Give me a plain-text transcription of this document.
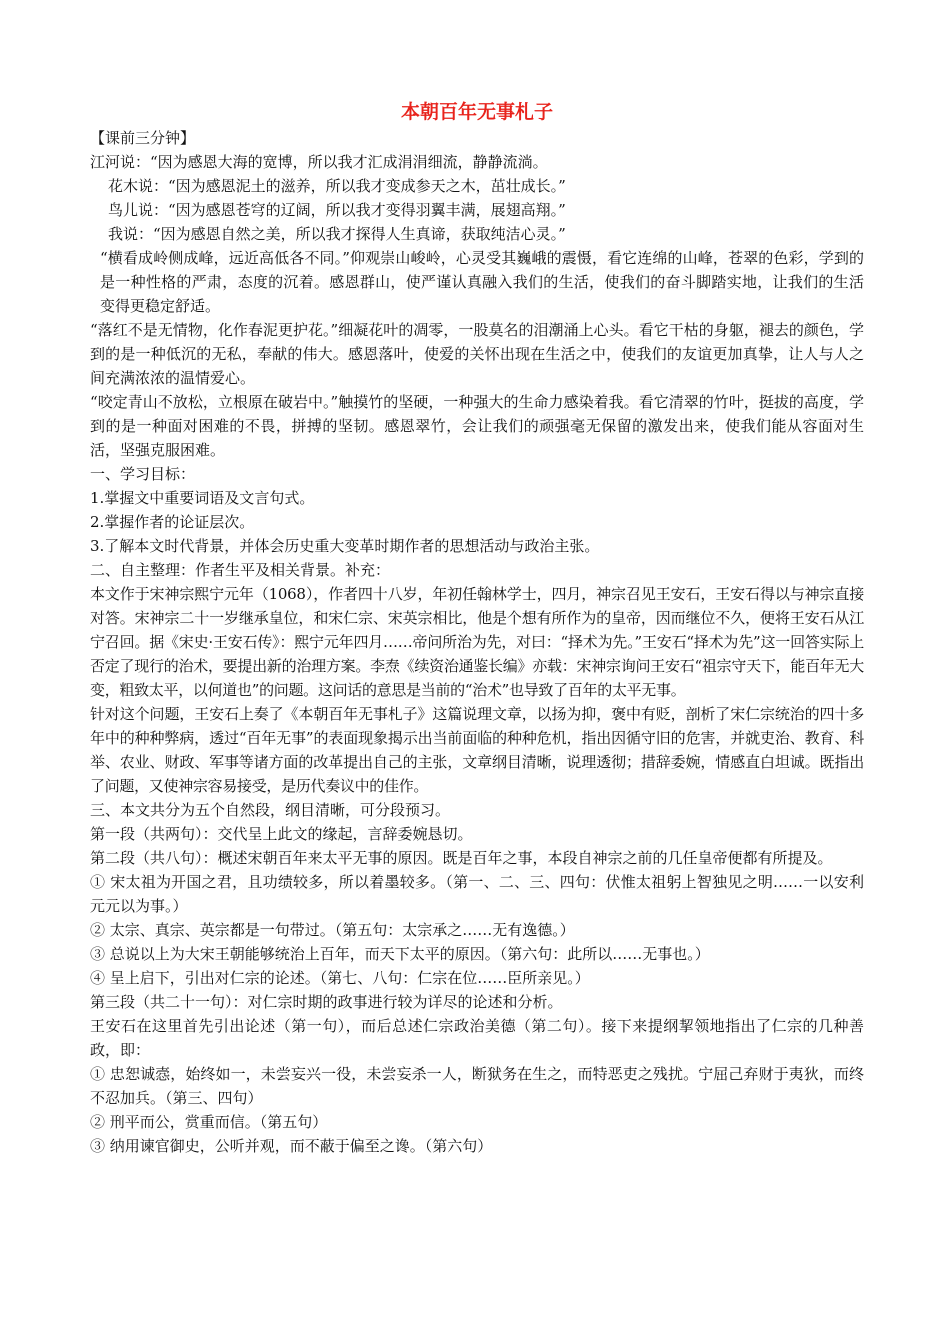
本朝百年无事札子

【课前三分钟】

江河说：“因为感恩大海的宽博，所以我才汇成涓涓细流，静静流淌。

花木说：“因为感恩泥土的滋养，所以我才变成参天之木，茁壮成长。”

鸟儿说：“因为感恩苍穹的辽阔，所以我才变得羽翼丰满，展翅高翔。”

我说：“因为感恩自然之美，所以我才探得人生真谛，获取纯洁心灵。”

“横看成岭侧成峰，远近高低各不同。”仰观崇山峻岭，心灵受其巍峨的震慑，看它连绵的山峰，苍翠的色彩，学到的是一种性格的严肃，态度的沉着。感恩群山，使严谨认真融入我们的生活，使我们的奋斗脚踏实地，让我们的生活变得更稳定舒适。

“落红不是无情物，化作春泥更护花。”细凝花叶的凋零，一股莫名的泪潮涌上心头。看它干枯的身躯，褪去的颜色，学到的是一种低沉的无私，奉献的伟大。感恩落叶，使爱的关怀出现在生活之中，使我们的友谊更加真挚，让人与人之间充满浓浓的温情爱心。

“咬定青山不放松，立根原在破岩中。”触摸竹的坚硬，一种强大的生命力感染着我。看它清翠的竹叶，挺拔的高度，学到的是一种面对困难的不畏，拼搏的坚韧。感恩翠竹，会让我们的顽强毫无保留的激发出来，使我们能从容面对生活，坚强克服困难。

一、学习目标：

1.掌握文中重要词语及文言句式。

2.掌握作者的论证层次。

3.了解本文时代背景，并体会历史重大变革时期作者的思想活动与政治主张。

二、自主整理：作者生平及相关背景。补充：

本文作于宋神宗熙宁元年（1068），作者四十八岁，年初任翰林学士，四月，神宗召见王安石，王安石得以与神宗直接对答。宋神宗二十一岁继承皇位，和宋仁宗、宋英宗相比，他是个想有所作为的皇帝，因而继位不久，便将王安石从江宁召回。据《宋史·王安石传》：熙宁元年四月……帝问所治为先，对曰：“择术为先。”王安石“择术为先”这一回答实际上否定了现行的治术，要提出新的治理方案。李焘《续资治通鉴长编》亦载：宋神宗询问王安石“祖宗守天下，能百年无大变，粗致太平，以何道也”的问题。这问话的意思是当前的“治术”也导致了百年的太平无事。

针对这个问题，王安石上奏了《本朝百年无事札子》这篇说理文章，以扬为抑，褒中有贬，剖析了宋仁宗统治的四十多年中的种种弊病，透过“百年无事”的表面现象揭示出当前面临的种种危机，指出因循守旧的危害，并就吏治、教育、科举、农业、财政、军事等诸方面的改革提出自己的主张，文章纲目清晰，说理透彻；措辞委婉，情感直白坦诚。既指出了问题，又使神宗容易接受，是历代奏议中的佳作。

三、本文共分为五个自然段，纲目清晰，可分段预习。

第一段（共两句）：交代呈上此文的缘起，言辞委婉恳切。

第二段（共八句）：概述宋朝百年来太平无事的原因。既是百年之事，本段自神宗之前的几任皇帝便都有所提及。

① 宋太祖为开国之君，且功绩较多，所以着墨较多。（第一、二、三、四句：伏惟太祖躬上智独见之明……一以安利元元以为事。）

② 太宗、真宗、英宗都是一句带过。（第五句：太宗承之……无有逸德。）

③ 总说以上为大宋王朝能够统治上百年，而天下太平的原因。（第六句：此所以……无事也。）

④ 呈上启下，引出对仁宗的论述。（第七、八句：仁宗在位……臣所亲见。）

第三段（共二十一句）：对仁宗时期的政事进行较为详尽的论述和分析。

王安石在这里首先引出论述（第一句），而后总述仁宗政治美德（第二句）。接下来提纲挈领地指出了仁宗的几种善政，即：

① 忠恕诚悫，始终如一，未尝妄兴一役，未尝妄杀一人，断狱务在生之，而特恶吏之残扰。宁屈己弃财于夷狄，而终不忍加兵。（第三、四句）

② 刑平而公，赏重而信。（第五句）

③ 纳用谏官御史，公听并观，而不蔽于偏至之谗。（第六句）
